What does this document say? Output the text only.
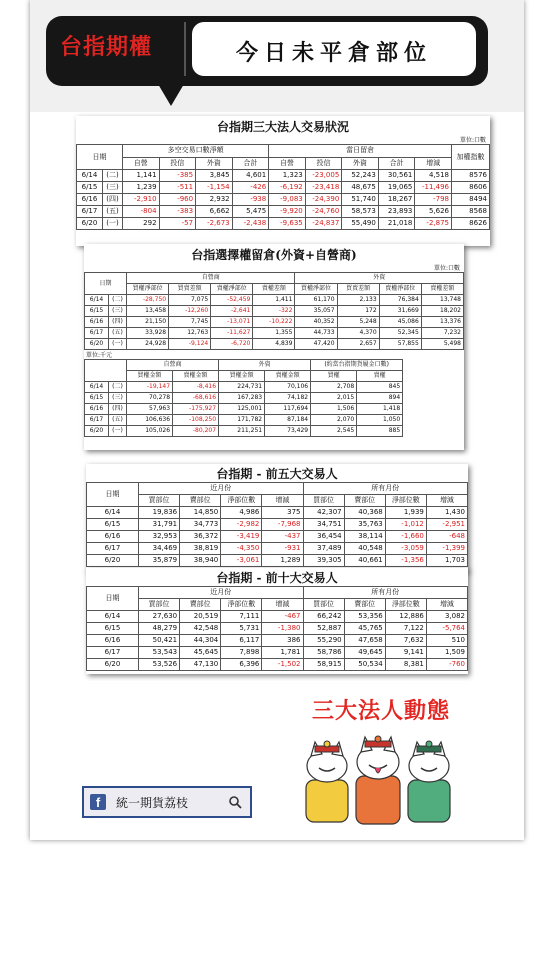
台指期權	今日未平倉部位
台指期三大法人交易狀況
單位:口數
日期		多空交易口數淨額				當日留倉					加權指數
		自營	投信	外資	合計	自營	投信	外資	合計	增減	
6/14	(二)	1,141	-385	3,845	4,601	1,323	-23,005	52,243	30,561	4,518	8576
6/15	(三)	1,239	-511	-1,154	-426	-6,192	-23,418	48,675	19,065	-11,496	8606
6/16	(四)	-2,910	-960	2,932	-938	-9,083	-24,390	51,740	18,267	-798	8494
6/17	(五)	-804	-383	6,662	5,475	-9,920	-24,760	58,573	23,893	5,626	8568
6/20	(一)	292	-57	-2,673	-2,438	-9,635	-24,837	55,490	21,018	-2,875	8626
台指選擇權留倉(外資+自營商)
單位:口數
日期		自營商				外資			
		買權淨部位	買賣差額	賣權淨部位	賣權差額	買權淨部位	買賣差額	賣權淨部位	賣權差額
6/14	(二)	-28,750	7,075	-52,459	1,411	61,170	2,133	76,384	13,748
6/15	(三)	13,458	-12,260	-2,641	-322	35,057	172	31,669	18,202
6/16	(四)	21,150	7,745	-13,071	-10,222	40,352	5,248	45,086	13,376
6/17	(五)	33,928	12,763	-11,627	1,355	44,733	4,370	52,345	7,232
6/20	(一)	24,928	-9,124	-6,720	4,839	47,420	2,657	57,855	5,498
單位:千元
		自營商		外資		(約當台指期貨履金口數)	
		買權金額	賣權金額	買權金額	賣權金額	買權	賣權
6/14	(二)	-19,147	-8,416	224,731	70,106	2,708	845
6/15	(三)	70,278	-68,616	167,283	74,182	2,015	894
6/16	(四)	57,963	-175,927	125,001	117,694	1,506	1,418
6/17	(五)	106,636	-108,250	171,782	87,184	2,070	1,050
6/20	(一)	105,026	-80,207	211,251	73,429	2,545	885
台指期 - 前五大交易人
日期	近月份				所有月份			
	買部位	賣部位	淨部位數	增減	買部位	賣部位	淨部位數	增減
6/14	19,836	14,850	4,986	375	42,307	40,368	1,939	1,430
6/15	31,791	34,773	-2,982	-7,968	34,751	35,763	-1,012	-2,951
6/16	32,953	36,372	-3,419	-437	36,454	38,114	-1,660	-648
6/17	34,469	38,819	-4,350	-931	37,489	40,548	-3,059	-1,399
6/20	35,879	38,940	-3,061	1,289	39,305	40,661	-1,356	1,703
台指期 - 前十大交易人
日期	近月份				所有月份			
	買部位	賣部位	淨部位數	增減	買部位	賣部位	淨部位數	增減
6/14	27,630	20,519	7,111	-467	66,242	53,356	12,886	3,082
6/15	48,279	42,548	5,731	-1,380	52,887	45,765	7,122	-5,764
6/16	50,421	44,304	6,117	386	55,290	47,658	7,632	510
6/17	53,543	45,645	7,898	1,781	58,786	49,645	9,141	1,509
6/20	53,526	47,130	6,396	-1,502	58,915	50,534	8,381	-760
三大法人動態
f	統一期貨荔枝
